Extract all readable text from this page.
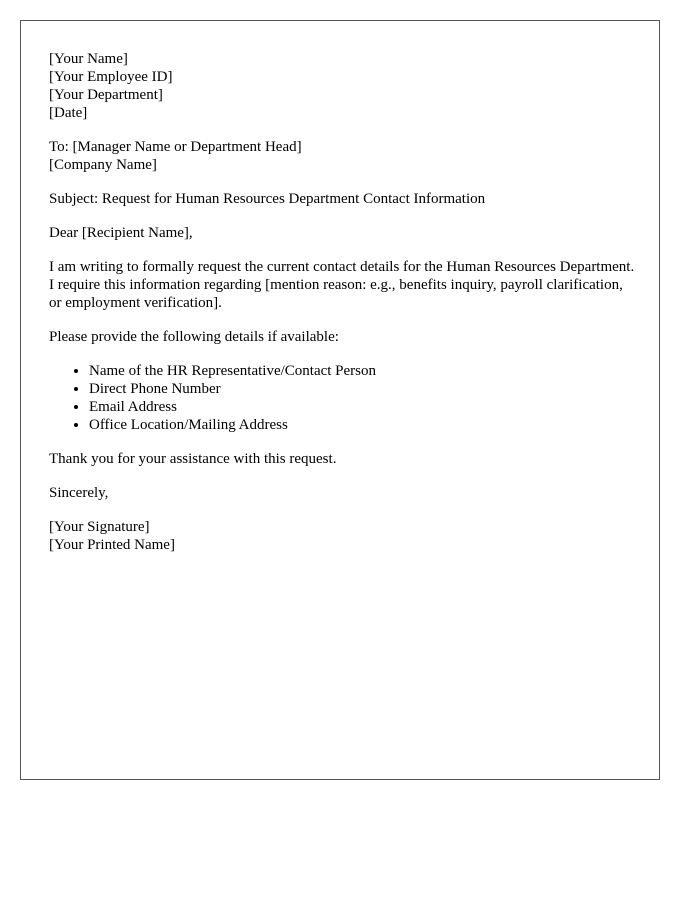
[Your Name]
[Your Employee ID]
[Your Department]
[Date]
To: [Manager Name or Department Head]
[Company Name]

Subject: Request for Human Resources Department Contact Information

Dear [Recipient Name],

I am writing to formally request the current contact details for the Human Resources Department. I require this information regarding [mention reason: e.g., benefits inquiry, payroll clarification, or employment verification].

Please provide the following details if available:

• Name of the HR Representative/Contact Person
• Direct Phone Number
• Email Address
• Office Location/Mailing Address

Thank you for your assistance with this request.

Sincerely,

[Your Signature]
[Your Printed Name]
